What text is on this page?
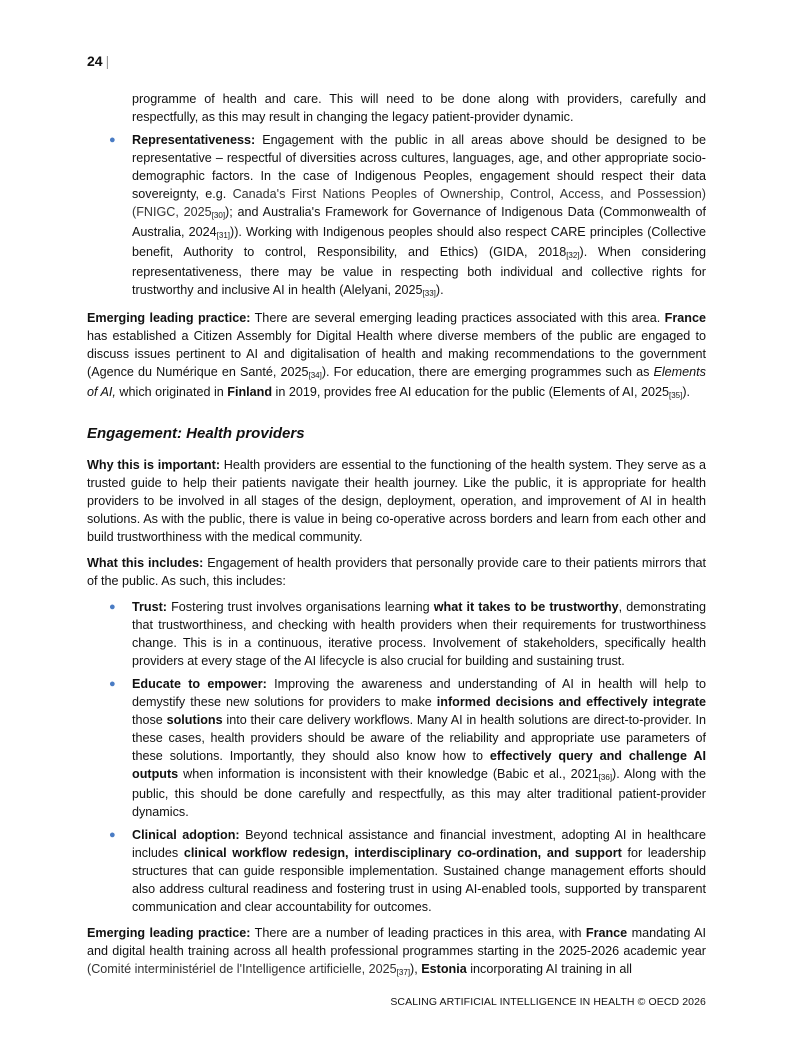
24 |

programme of health and care. This will need to be done along with providers, carefully and respectfully, as this may result in changing the legacy patient-provider dynamic.

● Representativeness: Engagement with the public in all areas above should be designed to be representative – respectful of diversities across cultures, languages, age, and other appropriate socio-demographic factors. In the case of Indigenous Peoples, engagement should respect their data sovereignty, e.g. Canada's First Nations Peoples of Ownership, Control, Access, and Possession) (FNIGC, $2025_{[30]}$); and Australia's Framework for Governance of Indigenous Data (Commonwealth of Australia, $2024_{[31]}$)). Working with Indigenous peoples should also respect CARE principles (Collective benefit, Authority to control, Responsibility, and Ethics) (GIDA, $2018_{[32]}$). When considering representativeness, there may be value in respecting both individual and collective rights for trustworthy and inclusive AI in health (Alelyani, $2025_{[33]}$).

Emerging leading practice: There are several emerging leading practices associated with this area. France has established a Citizen Assembly for Digital Health where diverse members of the public are engaged to discuss issues pertinent to AI and digitalisation of health and making recommendations to the government (Agence du Numérique en Santé, $2025_{[34]}$). For education, there are emerging programmes such as Elements of AI, which originated in Finland in 2019, provides free AI education for the public (Elements of AI, $2025_{[35]}$).

Engagement: Health providers

Why this is important: Health providers are essential to the functioning of the health system. They serve as a trusted guide to help their patients navigate their health journey. Like the public, it is appropriate for health providers to be involved in all stages of the design, deployment, operation, and improvement of AI in health solutions. As with the public, there is value in being co-operative across borders and learn from each other and build trustworthiness with the medical community.

What this includes: Engagement of health providers that personally provide care to their patients mirrors that of the public. As such, this includes:

● Trust: Fostering trust involves organisations learning what it takes to be trustworthy, demonstrating that trustworthiness, and checking with health providers when their requirements for trustworthiness change. This is in a continuous, iterative process. Involvement of stakeholders, specifically health providers at every stage of the AI lifecycle is also crucial for building and sustaining trust.
● Educate to empower: Improving the awareness and understanding of AI in health will help to demystify these new solutions for providers to make informed decisions and effectively integrate those solutions into their care delivery workflows. Many AI in health solutions are direct-to-provider. In these cases, health providers should be aware of the reliability and appropriate use parameters of these solutions. Importantly, they should also know how to effectively query and challenge AI outputs when information is inconsistent with their knowledge (Babic et al., $2021_{[36]}$). Along with the public, this should be done carefully and respectfully, as this may alter traditional patient-provider dynamics.
● Clinical adoption: Beyond technical assistance and financial investment, adopting AI in healthcare includes clinical workflow redesign, interdisciplinary co-ordination, and support for leadership structures that can guide responsible implementation. Sustained change management efforts should also address cultural readiness and fostering trust in using AI-enabled tools, supported by transparent communication and clear accountability for outcomes.

Emerging leading practice: There are a number of leading practices in this area, with France mandating AI and digital health training across all health professional programmes starting in the 2025-2026 academic year (Comité interministériel de l'Intelligence artificielle, $2025_{[37]}$), Estonia incorporating AI training in all

SCALING ARTIFICIAL INTELLIGENCE IN HEALTH © OECD 2026
